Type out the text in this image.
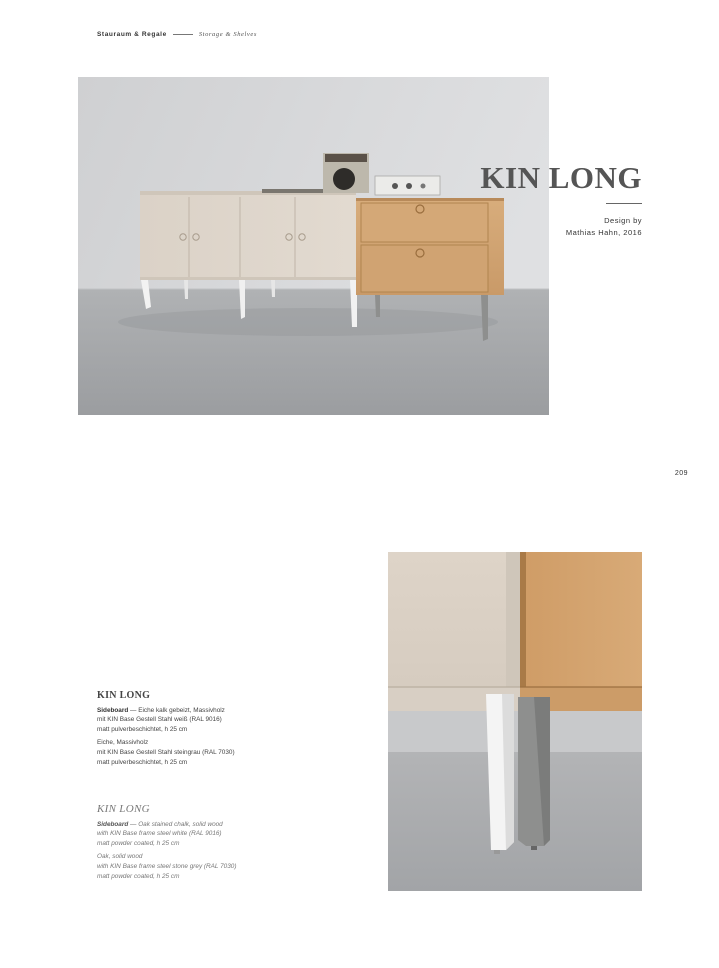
Stauraum & Regale	Storage & Shelves
KIN LONG
Design by
Mathias Hahn, 2016
209
KIN LONG
Sideboard — Eiche kalk gebeizt, Massivholz
mit KIN Base Gestell Stahl weiß (RAL 9016)
matt pulverbeschichtet, h 25 cm
Eiche, Massivholz
mit KIN Base Gestell Stahl steingrau (RAL 7030)
matt pulverbeschichtet, h 25 cm
KIN LONG
Sideboard — Oak stained chalk, solid wood
with KIN Base frame steel white (RAL 9016)
matt powder coated, h 25 cm
Oak, solid wood
with KIN Base frame steel stone grey (RAL 7030)
matt powder coated, h 25 cm
